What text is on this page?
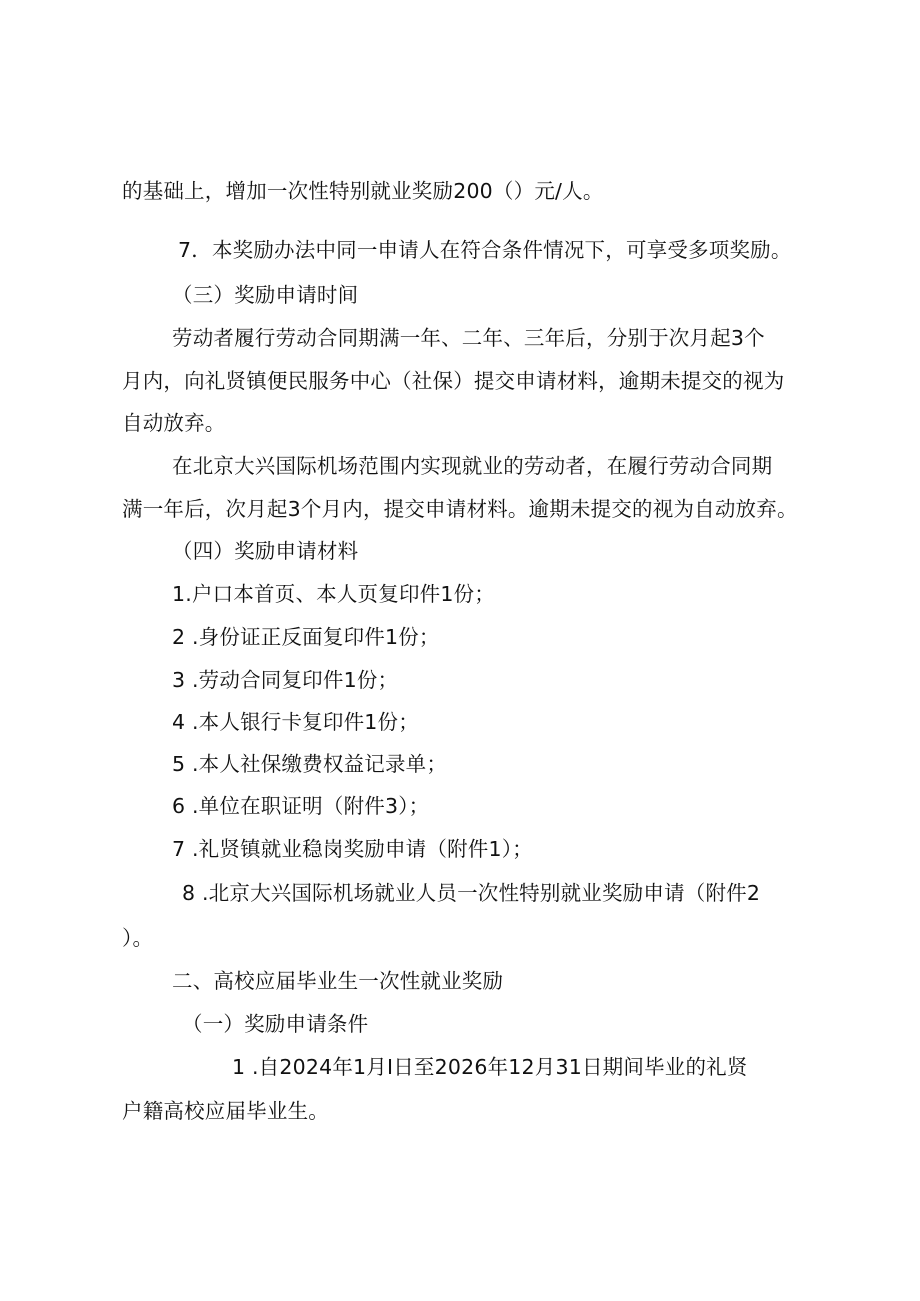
的基础上，增加一次性特别就业奖励200（）元/人。
7．本奖励办法中同一申请人在符合条件情况下，可享受多项奖励。
（三）奖励申请时间
劳动者履行劳动合同期满一年、二年、三年后，分别于次月起3个
月内，向礼贤镇便民服务中心（社保）提交申请材料，逾期未提交的视为
自动放弃。
在北京大兴国际机场范围内实现就业的劳动者，在履行劳动合同期
满一年后，次月起3个月内，提交申请材料。逾期未提交的视为自动放弃。
（四）奖励申请材料
1.户口本首页、本人页复印件1份；
2 .身份证正反面复印件1份；
3 .劳动合同复印件1份；
4 .本人银行卡复印件1份；
5 .本人社保缴费权益记录单；
6 .单位在职证明（附件3）；
7 .礼贤镇就业稳岗奖励申请（附件1）；
8 .北京大兴国际机场就业人员一次性特别就业奖励申请（附件2
）。
二、高校应届毕业生一次性就业奖励
（一）奖励申请条件
1 .自2024年1月I日至2026年12月31日期间毕业的礼贤
户籍高校应届毕业生。
